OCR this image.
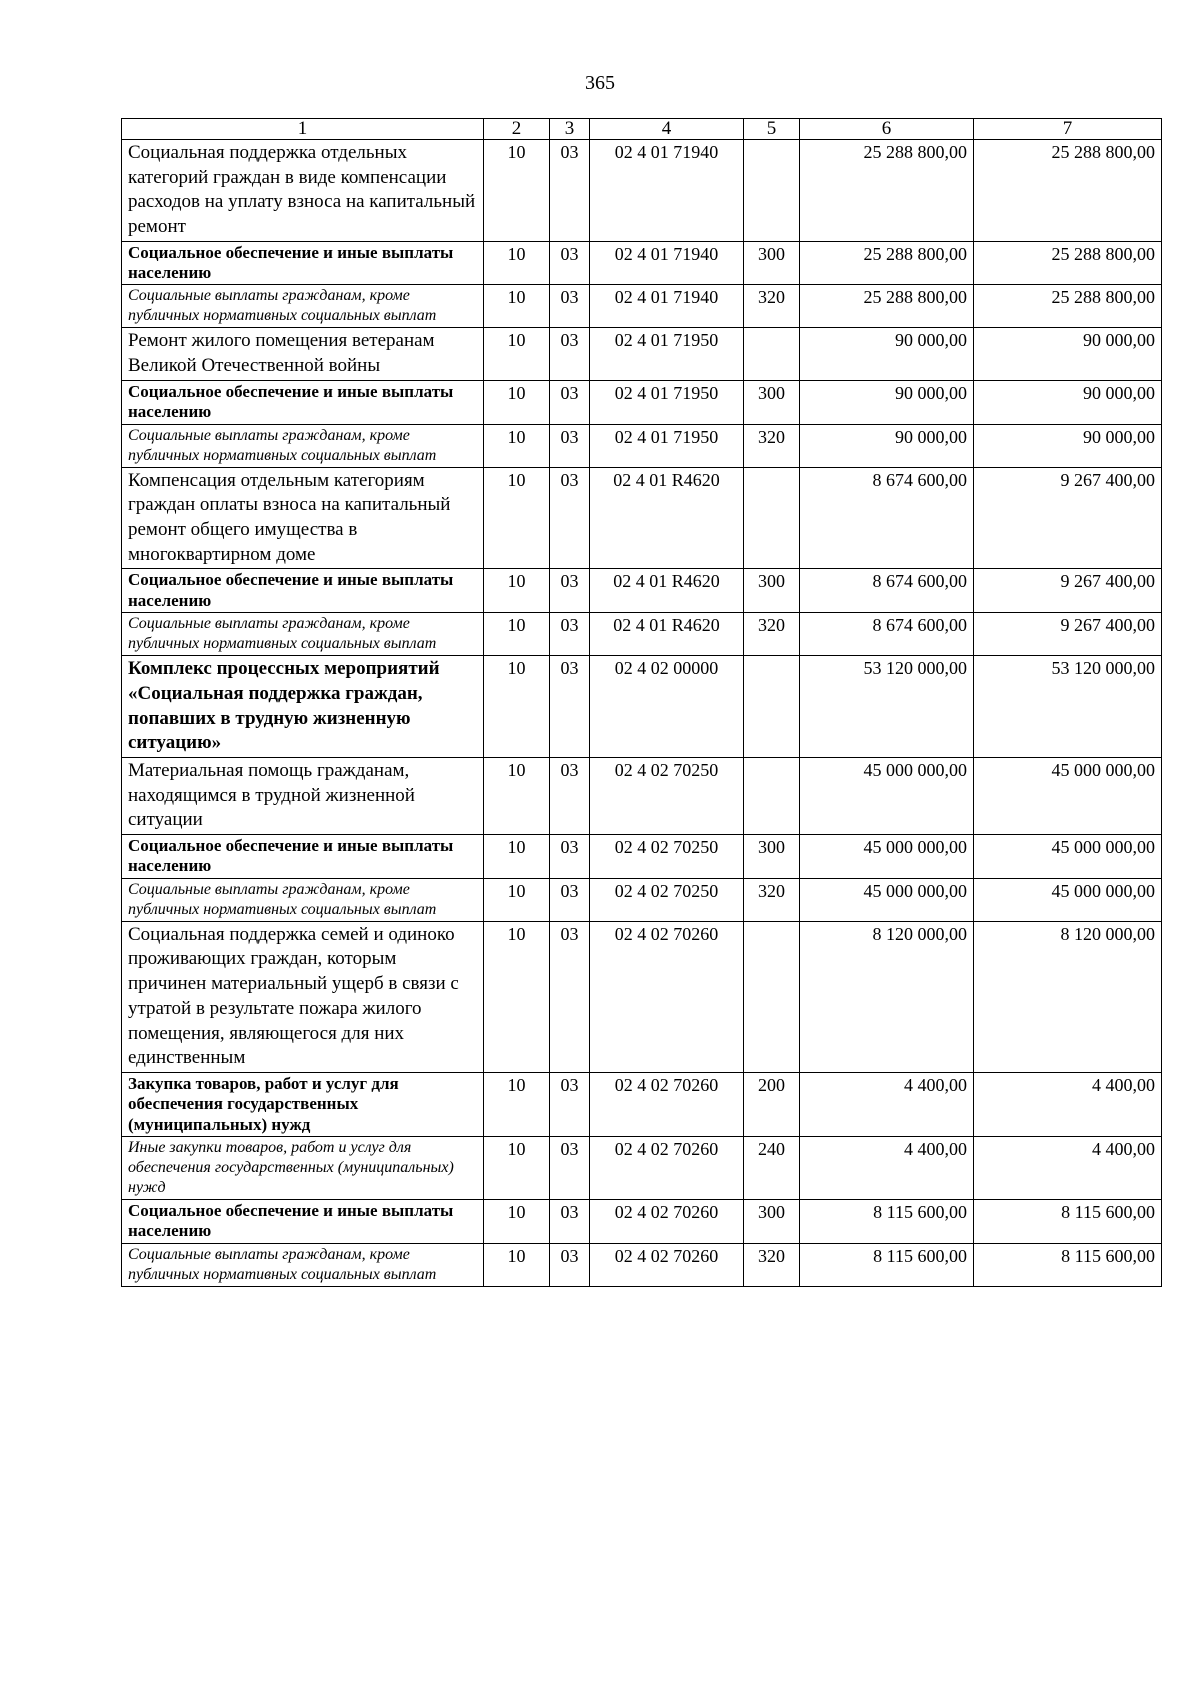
365
1	2	3	4	5	6	7
Социальная поддержка отдельных категорий граждан в виде компенсации расходов на уплату взноса на капитальный ремонт	10	03	02 4 01 71940		25 288 800,00	25 288 800,00
Социальное обеспечение и иные выплаты населению	10	03	02 4 01 71940	300	25 288 800,00	25 288 800,00
Социальные выплаты гражданам, кроме публичных нормативных социальных выплат	10	03	02 4 01 71940	320	25 288 800,00	25 288 800,00
Ремонт жилого помещения ветеранам Великой Отечественной войны	10	03	02 4 01 71950		90 000,00	90 000,00
Социальное обеспечение и иные выплаты населению	10	03	02 4 01 71950	300	90 000,00	90 000,00
Социальные выплаты гражданам, кроме публичных нормативных социальных выплат	10	03	02 4 01 71950	320	90 000,00	90 000,00
Компенсация отдельным категориям граждан оплаты взноса на капитальный ремонт общего имущества в многоквартирном доме	10	03	02 4 01 R4620		8 674 600,00	9 267 400,00
Социальное обеспечение и иные выплаты населению	10	03	02 4 01 R4620	300	8 674 600,00	9 267 400,00
Социальные выплаты гражданам, кроме публичных нормативных социальных выплат	10	03	02 4 01 R4620	320	8 674 600,00	9 267 400,00
Комплекс процессных мероприятий «Социальная поддержка граждан, попавших в трудную жизненную ситуацию»	10	03	02 4 02 00000		53 120 000,00	53 120 000,00
Материальная помощь гражданам, находящимся в трудной жизненной ситуации	10	03	02 4 02 70250		45 000 000,00	45 000 000,00
Социальное обеспечение и иные выплаты населению	10	03	02 4 02 70250	300	45 000 000,00	45 000 000,00
Социальные выплаты гражданам, кроме публичных нормативных социальных выплат	10	03	02 4 02 70250	320	45 000 000,00	45 000 000,00
Социальная поддержка семей и одиноко проживающих граждан, которым причинен материальный ущерб в связи с утратой в результате пожара жилого помещения, являющегося для них единственным	10	03	02 4 02 70260		8 120 000,00	8 120 000,00
Закупка товаров, работ и услуг для обеспечения государственных (муниципальных) нужд	10	03	02 4 02 70260	200	4 400,00	4 400,00
Иные закупки товаров, работ и услуг для обеспечения государственных (муниципальных) нужд	10	03	02 4 02 70260	240	4 400,00	4 400,00
Социальное обеспечение и иные выплаты населению	10	03	02 4 02 70260	300	8 115 600,00	8 115 600,00
Социальные выплаты гражданам, кроме публичных нормативных социальных выплат	10	03	02 4 02 70260	320	8 115 600,00	8 115 600,00
